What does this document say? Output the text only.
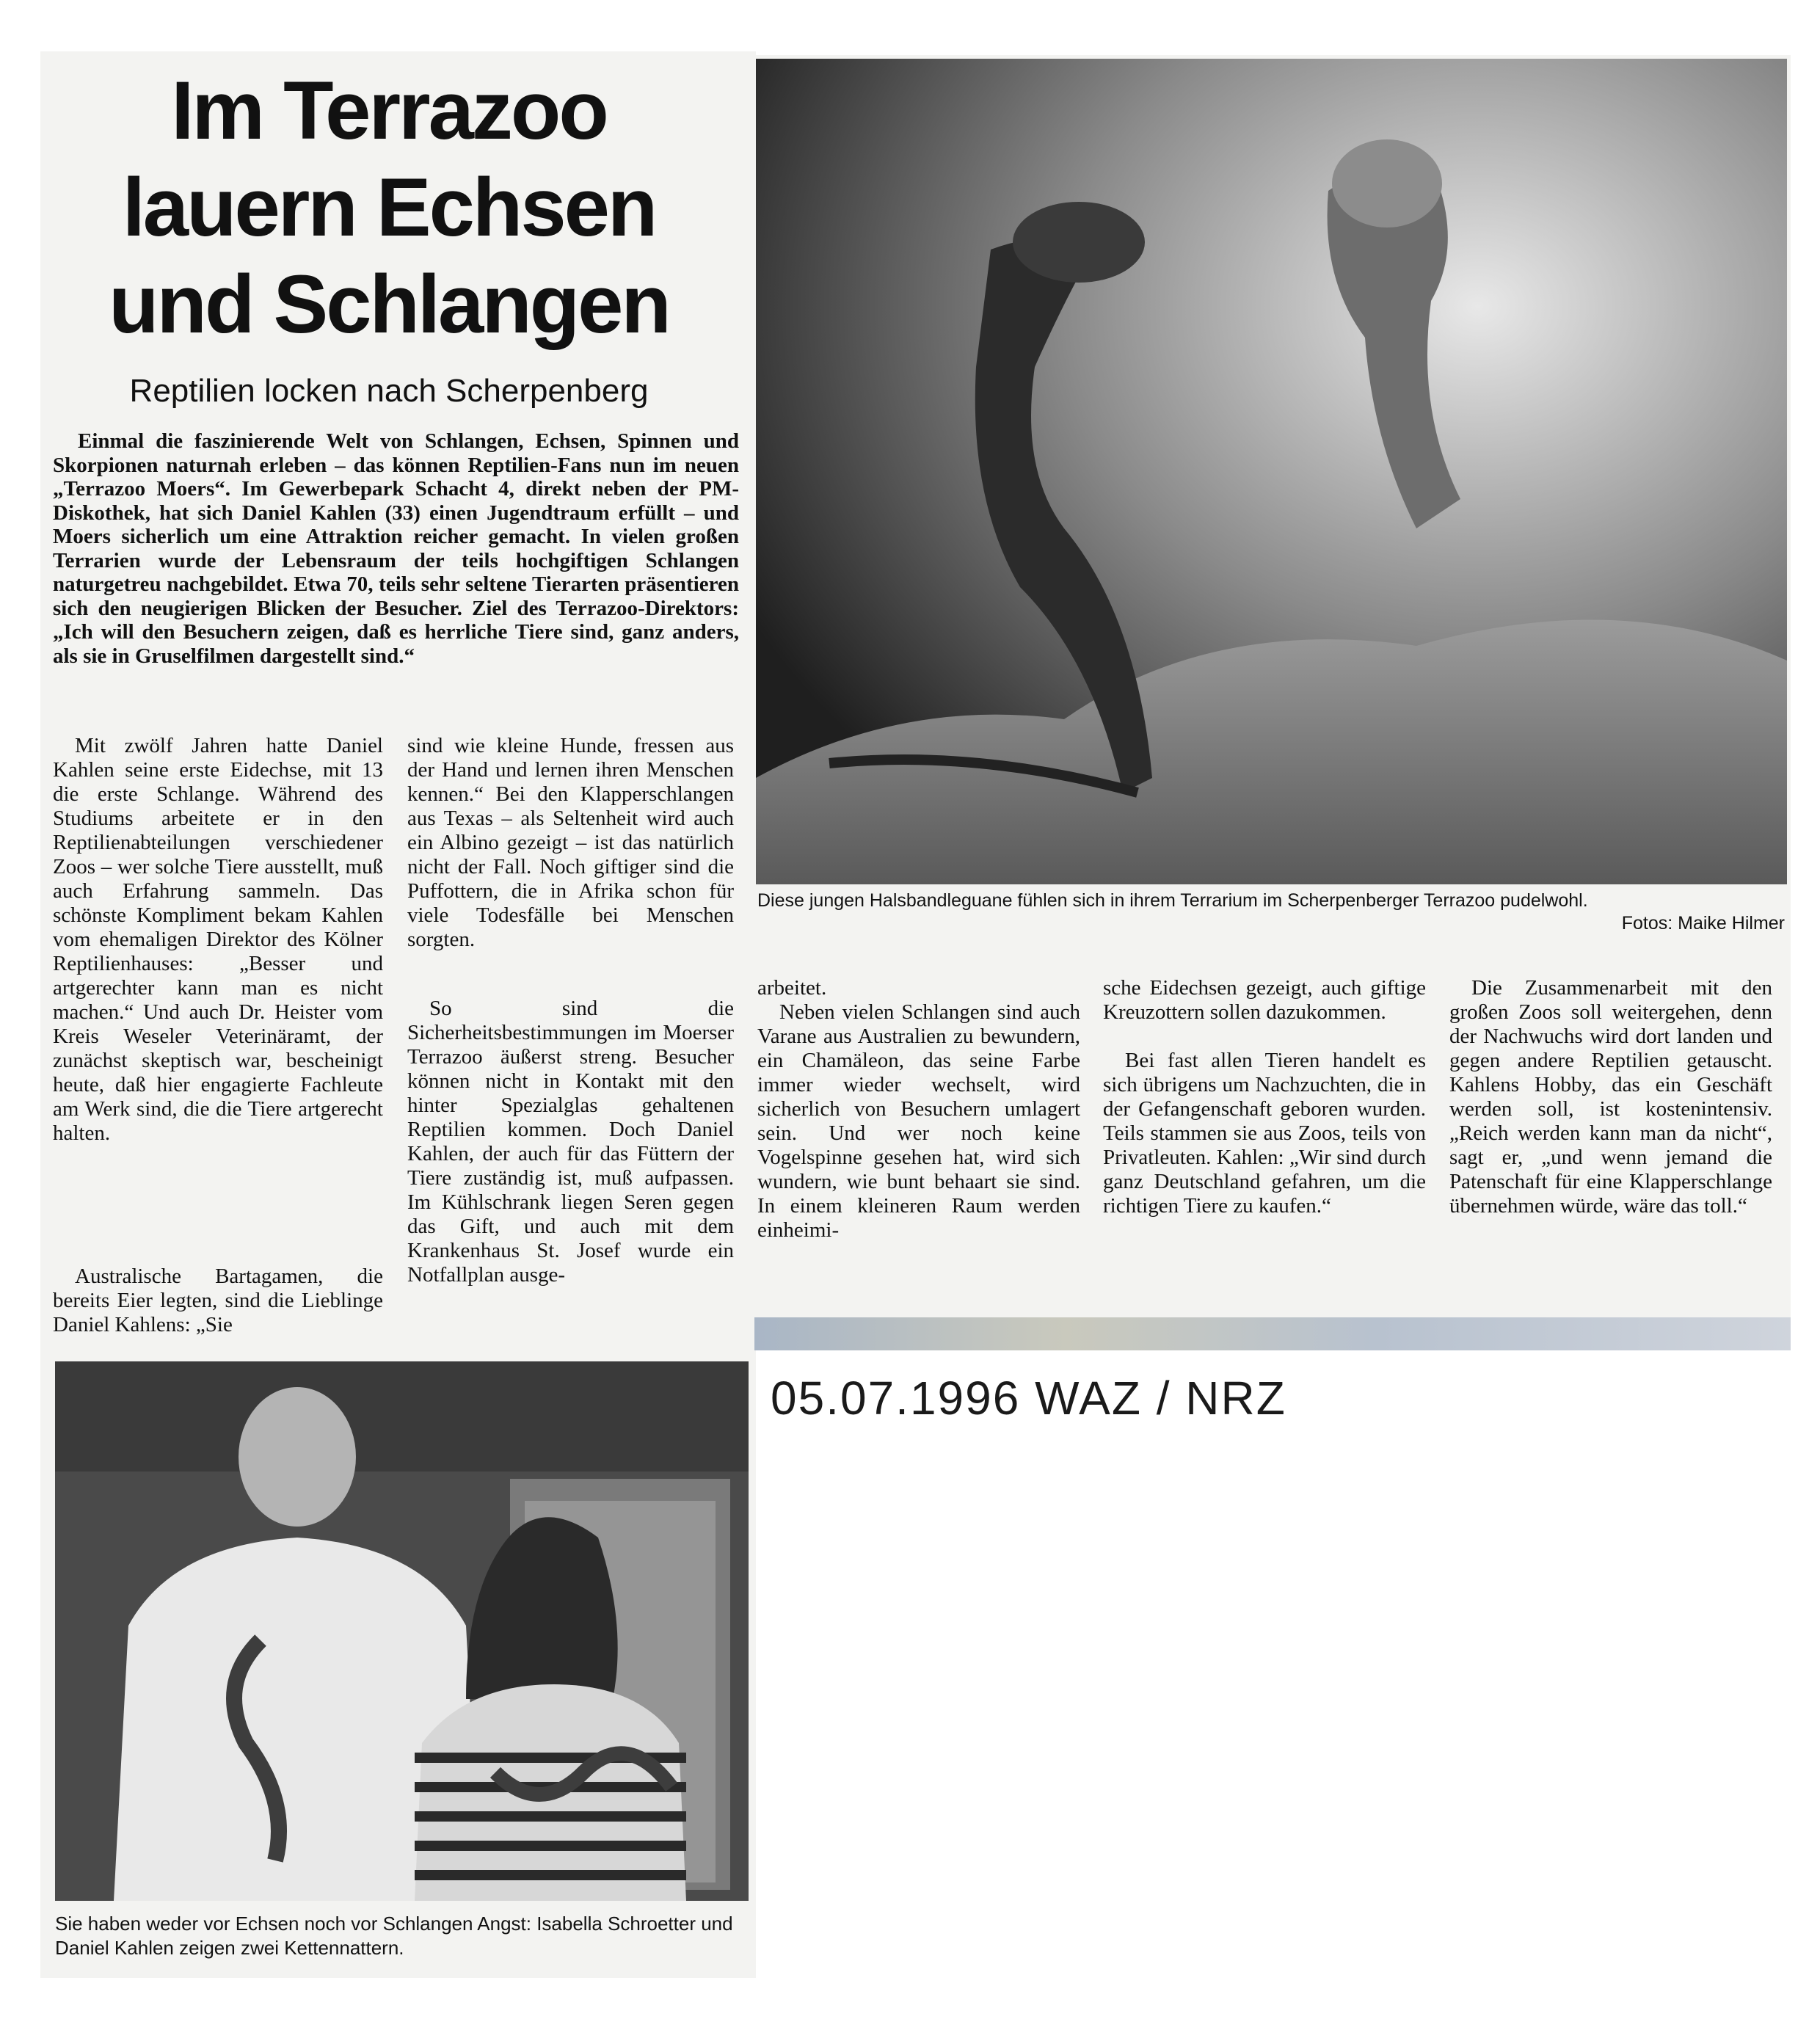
Im Terrazoo
lauern Echsen
und Schlangen

Reptilien locken nach Scherpenberg

Einmal die faszinierende Welt von Schlangen, Echsen, Spinnen und Skorpionen naturnah erleben – das können Reptilien-Fans nun im neuen „Terrazoo Moers“. Im Gewerbepark Schacht 4, direkt neben der PM-Diskothek, hat sich Daniel Kahlen (33) einen Jugendtraum erfüllt – und Moers sicherlich um eine Attraktion reicher gemacht. In vielen großen Terrarien wurde der Lebensraum der teils hochgiftigen Schlangen naturgetreu nachgebildet. Etwa 70, teils sehr seltene Tierarten präsentieren sich den neugierigen Blicken der Besucher. Ziel des Terrazoo-Direktors: „Ich will den Besuchern zeigen, daß es herrliche Tiere sind, ganz anders, als sie in Gruselfilmen dargestellt sind.“

Mit zwölf Jahren hatte Daniel Kahlen seine erste Eidechse, mit 13 die erste Schlange. Während des Studiums arbeitete er in den Reptilienabteilungen verschiedener Zoos – wer solche Tiere ausstellt, muß auch Erfahrung sammeln. Das schönste Kompliment bekam Kahlen vom ehemaligen Direktor des Kölner Reptilienhauses: „Besser und artgerechter kann man es nicht machen.“ Und auch Dr. Heister vom Kreis Weseler Veterinäramt, der zunächst skeptisch war, bescheinigt heute, daß hier engagierte Fachleute am Werk sind, die die Tiere artgerecht halten.

Australische Bartagamen, die bereits Eier legten, sind die Lieblinge Daniel Kahlens: „Sie

sind wie kleine Hunde, fressen aus der Hand und lernen ihren Menschen kennen.“ Bei den Klapperschlangen aus Texas – als Seltenheit wird auch ein Albino gezeigt – ist das natürlich nicht der Fall. Noch giftiger sind die Puffottern, die in Afrika schon für viele Todesfälle bei Menschen sorgten.

So sind die Sicherheitsbestimmungen im Moerser Terrazoo äußerst streng. Besucher können nicht in Kontakt mit den hinter Spezialglas gehaltenen Reptilien kommen. Doch Daniel Kahlen, der auch für das Füttern der Tiere zuständig ist, muß aufpassen. Im Kühlschrank liegen Seren gegen das Gift, und auch mit dem Krankenhaus St. Josef wurde ein Notfallplan ausge-

Diese jungen Halsbandleguane fühlen sich in ihrem Terrarium im Scherpenberger Terrazoo pudelwohl.
Fotos: Maike Hilmer

arbeitet.

Neben vielen Schlangen sind auch Varane aus Australien zu bewundern, ein Chamäleon, das seine Farbe immer wieder wechselt, wird sicherlich von Besuchern umlagert sein. Und wer noch keine Vogelspinne gesehen hat, wird sich wundern, wie bunt behaart sie sind. In einem kleineren Raum werden einheimi-

sche Eidechsen gezeigt, auch giftige Kreuzottern sollen dazukommen.

Bei fast allen Tieren handelt es sich übrigens um Nachzuchten, die in der Gefangenschaft geboren wurden. Teils stammen sie aus Zoos, teils von Privatleuten. Kahlen: „Wir sind durch ganz Deutschland gefahren, um die richtigen Tiere zu kaufen.“

Die Zusammenarbeit mit den großen Zoos soll weitergehen, denn der Nachwuchs wird dort landen und gegen andere Reptilien getauscht. Kahlens Hobby, das ein Geschäft werden soll, ist kostenintensiv. „Reich werden kann man da nicht“, sagt er, „und wenn jemand die Patenschaft für eine Klapperschlange übernehmen würde, wäre das toll.“

Sie haben weder vor Echsen noch vor Schlangen Angst: Isabella Schroetter und Daniel Kahlen zeigen zwei Kettennattern.

05.07.1996 WAZ / NRZ
